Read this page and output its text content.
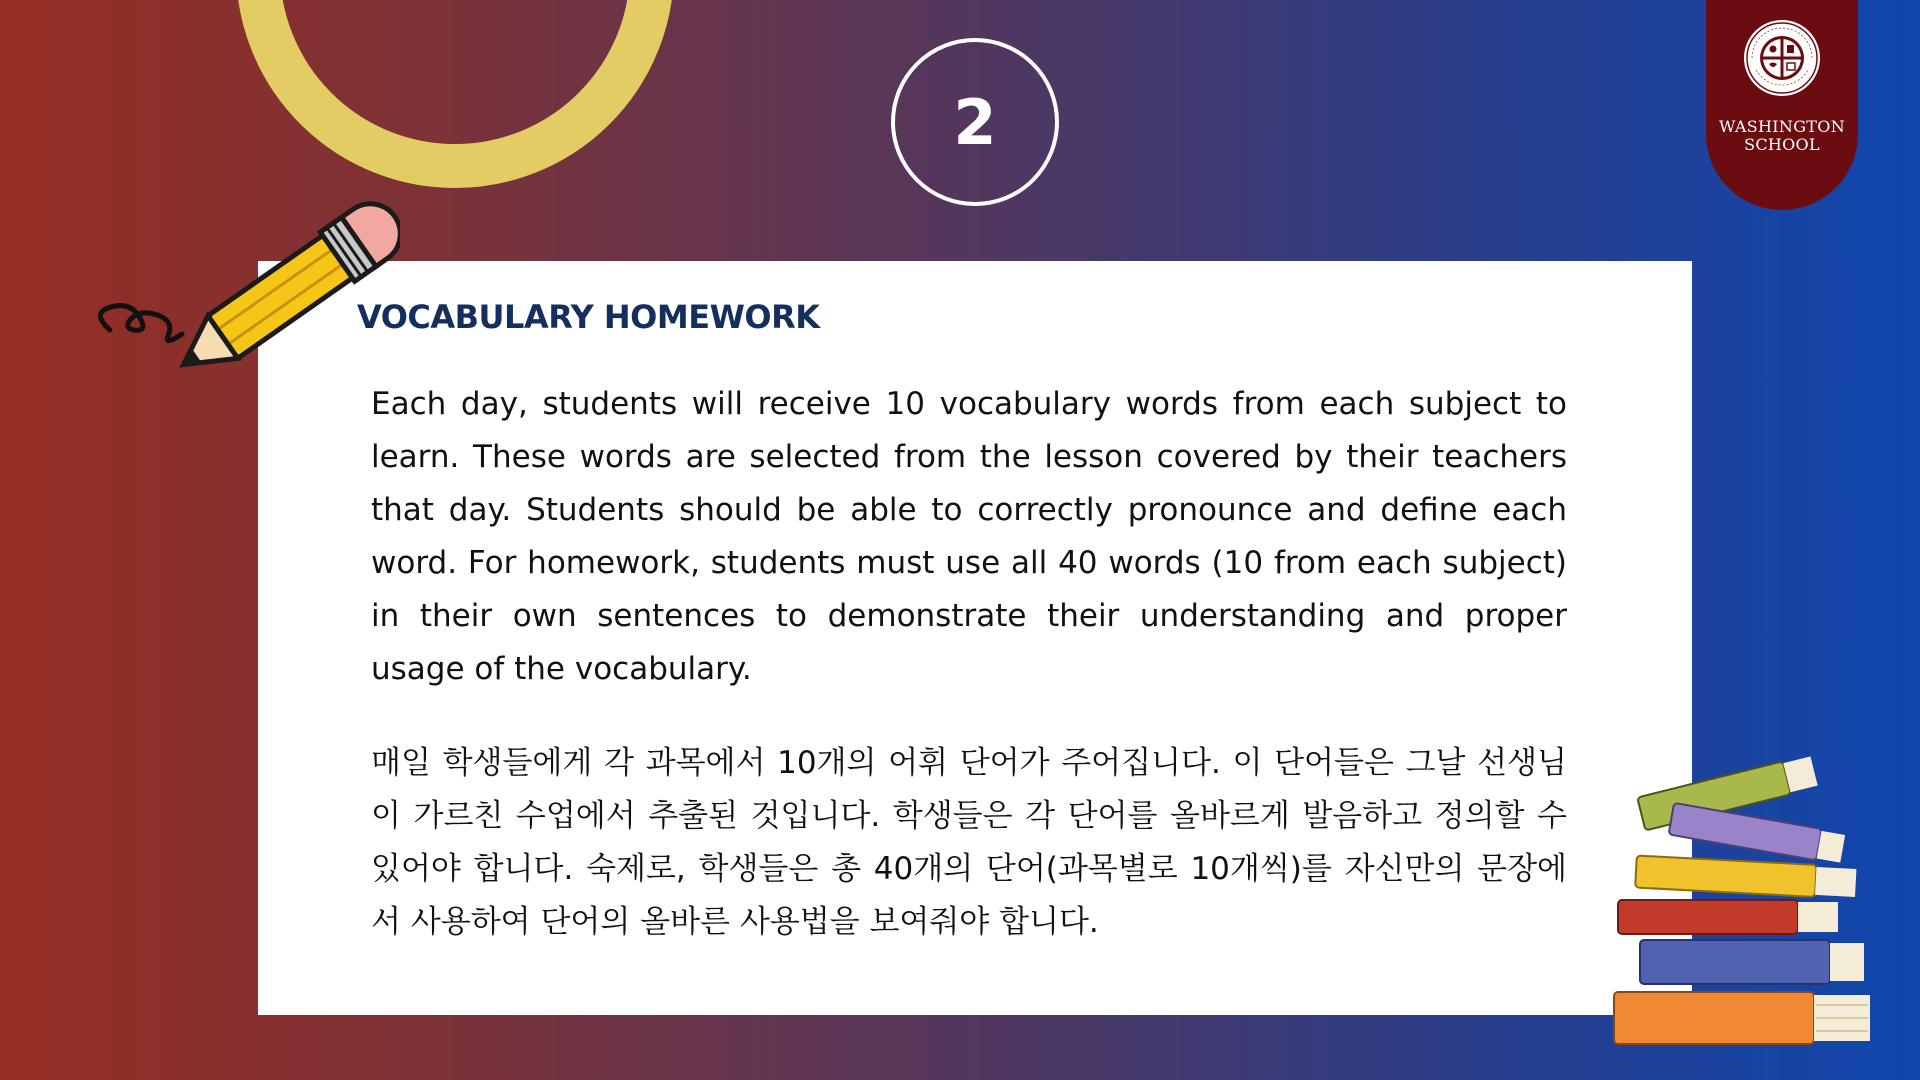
2	WASHINGTON SCHOOL
VOCABULARY HOMEWORK

Each day, students will receive 10 vocabulary words from each subject to learn. These words are selected from the lesson covered by their teachers that day. Students should be able to correctly pronounce and define each word. For homework, students must use all 40 words (10 from each subject) in their own sentences to demonstrate their understanding and proper usage of the vocabulary.

매일 학생들에게 각 과목에서 10개의 어휘 단어가 주어집니다. 이 단어들은 그날 선생님이 가르친 수업에서 추출된 것입니다. 학생들은 각 단어를 올바르게 발음하고 정의할 수 있어야 합니다. 숙제로, 학생들은 총 40개의 단어(과목별로 10개씩)를 자신만의 문장에서 사용하여 단어의 올바른 사용법을 보여줘야 합니다.
